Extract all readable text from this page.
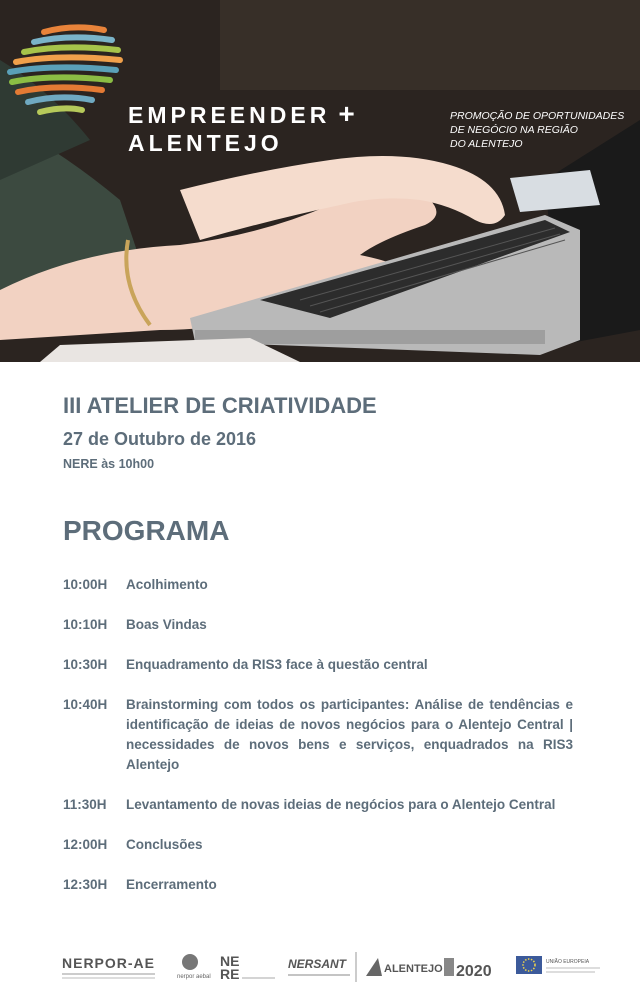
EMPREENDER +
ALENTEJO
PROMOÇÃO DE OPORTUNIDADES
DE NEGÓCIO NA REGIÃO
DO ALENTEJO
III ATELIER DE CRIATIVIDADE
27 de Outubro de 2016

NERE às 10h00

PROGRAMA
10:00H	Acolhimento
10:10H	Boas Vindas
10:30H	Enquadramento da RIS3 face à questão central
10:40H	Brainstorming com todos os participantes: Análise de tendências e identificação de ideias de novos negócios para o Alentejo Central | necessidades de novos bens e serviços, enquadrados na RIS3 Alentejo
11:30H	Levantamento de novas ideias de negócios para o Alentejo Central
12:00H	Conclusões
12:30H	Encerramento
NERPOR-AE
nerpor aebal
NE
RE
NERSANT	ALENTEJO 2020
UNIÃO EUROPEIA
